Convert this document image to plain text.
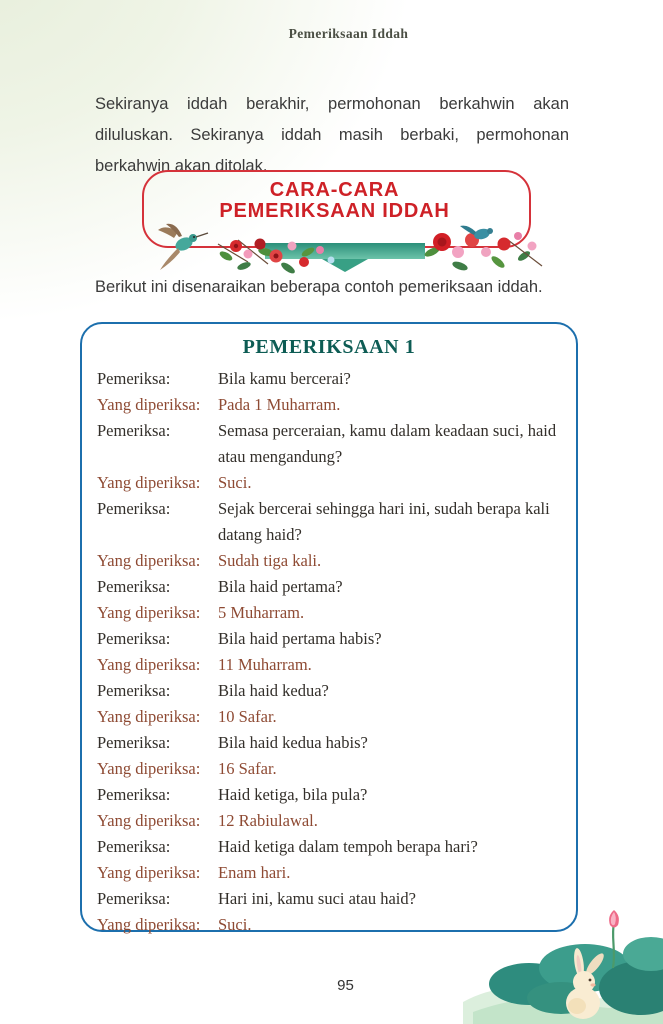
Pemeriksaan Iddah

Sekiranya iddah berakhir, permohonan berkahwin akan diluluskan. Sekiranya iddah masih berbaki, permohonan berkahwin akan ditolak.

CARA-CARA
PEMERIKSAAN IDDAH
Berikut ini disenaraikan beberapa contoh pemeriksaan iddah.
PEMERIKSAAN 1
Pemeriksa:	Bila kamu bercerai?
Yang diperiksa:	Pada 1 Muharram.
Pemeriksa:	Semasa perceraian, kamu dalam keadaan suci, haid atau mengandung?
Yang diperiksa:	Suci.
Pemeriksa:	Sejak bercerai sehingga hari ini, sudah berapa kali datang haid?
Yang diperiksa:	Sudah tiga kali.
Pemeriksa:	Bila haid pertama?
Yang diperiksa:	5 Muharram.
Pemeriksa:	Bila haid pertama habis?
Yang diperiksa:	11 Muharram.
Pemeriksa:	Bila haid kedua?
Yang diperiksa:	10 Safar.
Pemeriksa:	Bila haid kedua habis?
Yang diperiksa:	16 Safar.
Pemeriksa:	Haid ketiga, bila pula?
Yang diperiksa:	12 Rabiulawal.
Pemeriksa:	Haid ketiga dalam tempoh berapa hari?
Yang diperiksa:	Enam hari.
Pemeriksa:	Hari ini, kamu suci atau haid?
Yang diperiksa:	Suci.
95
